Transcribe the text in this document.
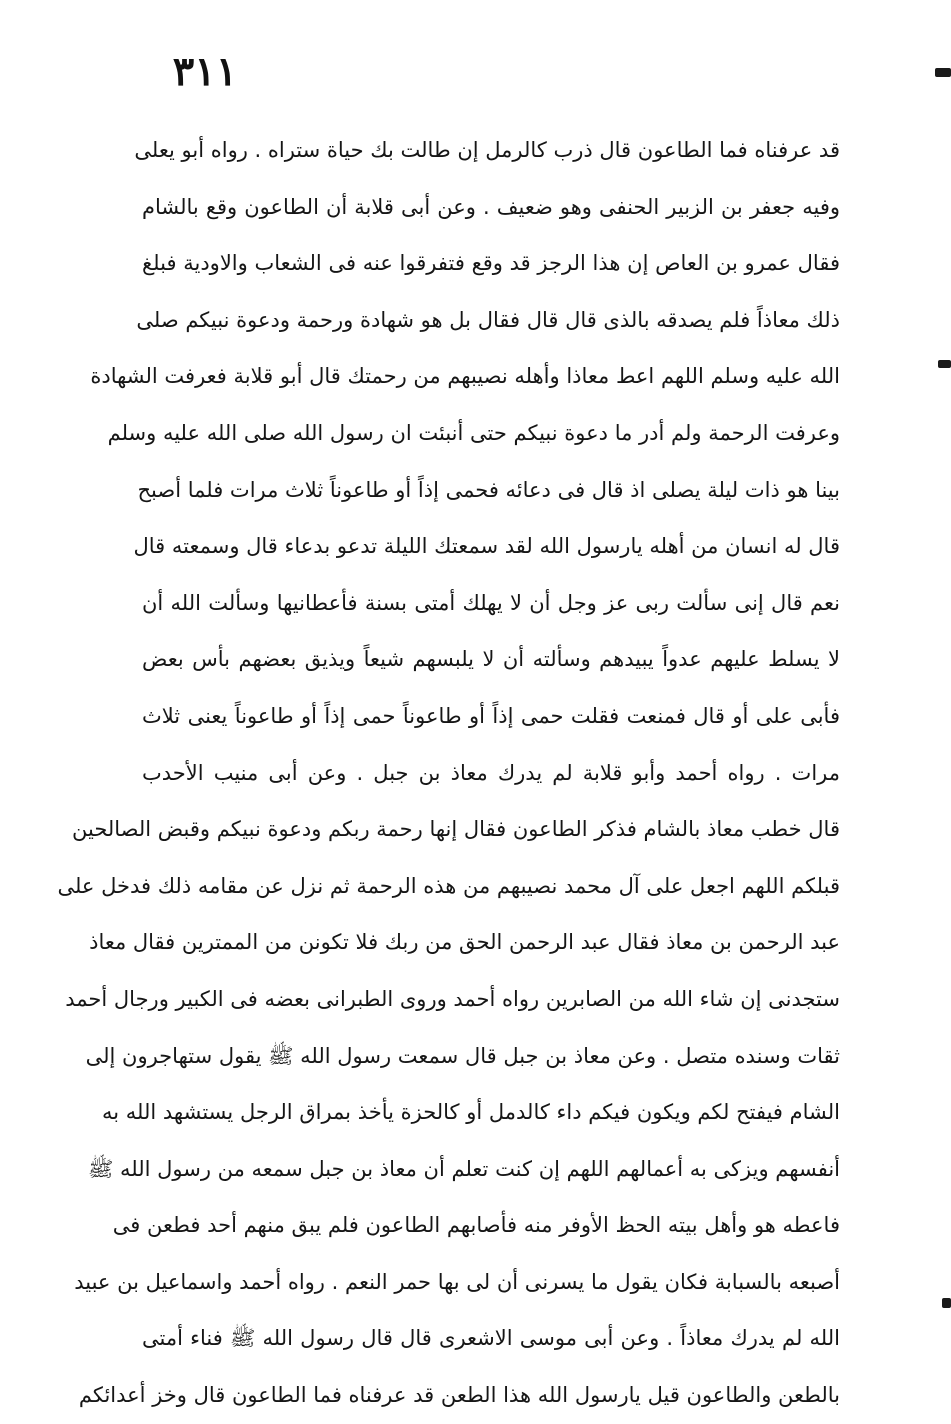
٣١١
قد عرفناه فما الطاعون قال ذرب كالرمل إن طالت بك حياة ستراه . رواه أبو يعلى
وفيه جعفر بن الزبير الحنفى وهو ضعيف . وعن أبى قلابة أن الطاعون وقع بالشام
فقال عمرو بن العاص إن هذا الرجز قد وقع فتفرقوا عنه فى الشعاب والاودية فبلغ
ذلك معاذاً فلم يصدقه بالذى قال قال فقال بل هو شهادة ورحمة ودعوة نبيكم صلى
الله عليه وسلم اللهم اعط معاذا وأهله نصيبهم من رحمتك قال أبو قلابة فعرفت الشهادة
وعرفت الرحمة ولم أدر ما دعوة نبيكم حتى أنبئت ان رسول الله صلى الله عليه وسلم
بينا هو ذات ليلة يصلى اذ قال فى دعائه فحمى إذاً أو طاعوناً ثلاث مرات فلما أصبح
قال له انسان من أهله يارسول الله لقد سمعتك الليلة تدعو بدعاء قال وسمعته قال
نعم قال إنى سألت ربى عز وجل أن لا يهلك أمتى بسنة فأعطانيها وسألت الله أن
لا يسلط عليهم عدواً يبيدهم وسألته أن لا يلبسهم شيعاً ويذيق بعضهم بأس بعض
فأبى على أو قال فمنعت فقلت حمى إذاً أو طاعوناً حمى إذاً أو طاعوناً يعنى ثلاث
مرات . رواه أحمد وأبو قلابة لم يدرك معاذ بن جبل . وعن أبى منيب الأحدب
قال خطب معاذ بالشام فذكر الطاعون فقال إنها رحمة ربكم ودعوة نبيكم وقبض الصالحين
قبلكم اللهم اجعل على آل محمد نصيبهم من هذه الرحمة ثم نزل عن مقامه ذلك فدخل على
عبد الرحمن بن معاذ فقال عبد الرحمن الحق من ربك فلا تكونن من الممترين فقال معاذ
ستجدنى إن شاء الله من الصابرين رواه أحمد وروى الطبرانى بعضه فى الكبير ورجال أحمد
ثقات وسنده متصل . وعن معاذ بن جبل قال سمعت رسول الله ﷺ يقول ستهاجرون إلى
الشام فيفتح لكم ويكون فيكم داء كالدمل أو كالحزة يأخذ بمراق الرجل يستشهد الله به
أنفسهم ويزكى به أعمالهم اللهم إن كنت تعلم أن معاذ بن جبل سمعه من رسول الله ﷺ
فاعطه هو وأهل بيته الحظ الأوفر منه فأصابهم الطاعون فلم يبق منهم أحد فطعن فى
أصبعه بالسبابة فكان يقول ما يسرنى أن لى بها حمر النعم . رواه أحمد واسماعيل بن عبيد
الله لم يدرك معاذاً . وعن أبى موسى الاشعرى قال قال رسول الله ﷺ فناء أمتى
بالطعن والطاعون قيل يارسول الله هذا الطعن قد عرفناه فما الطاعون قال وخز أعدائكم
